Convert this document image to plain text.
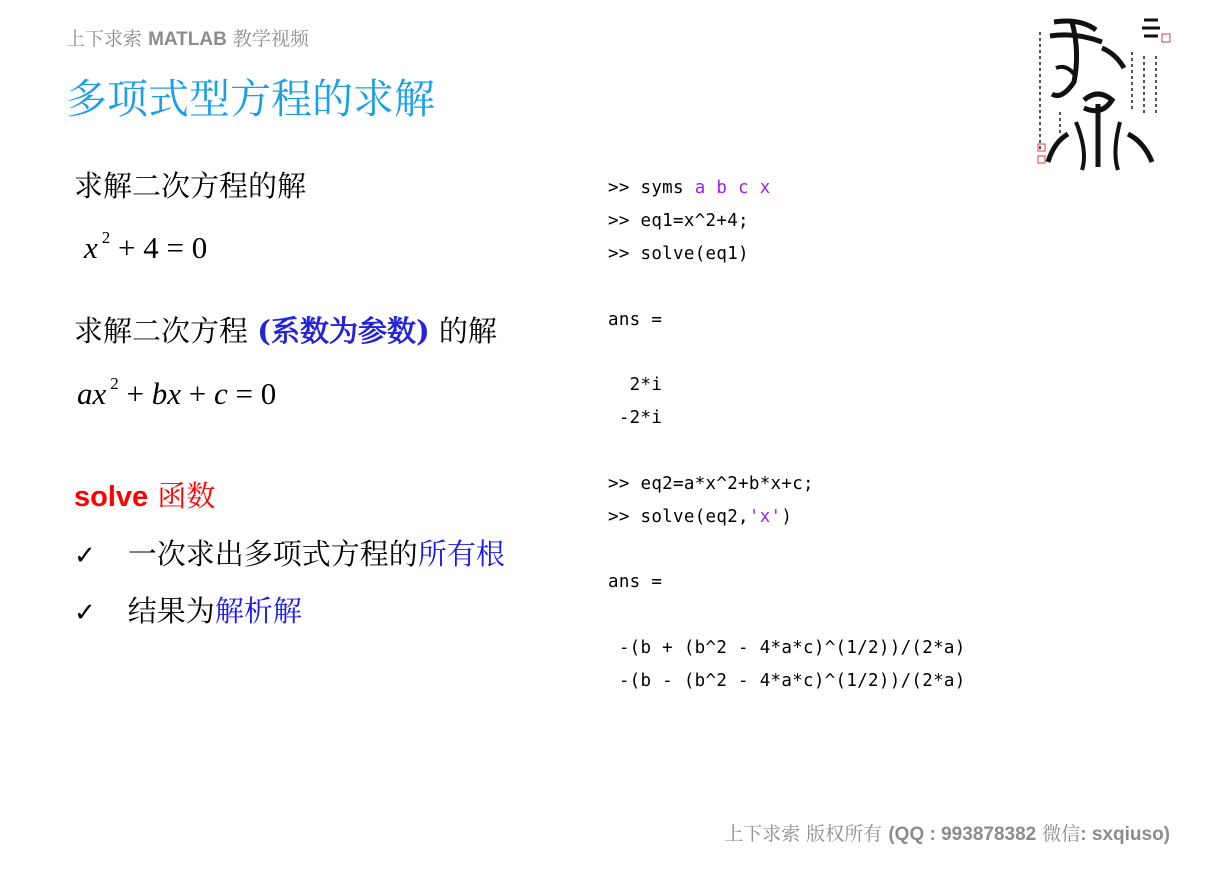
上下求索 MATLAB 教学视频
多项式型方程的求解
求解二次方程的解
x $^2$ + 4 = 0
求解二次方程 (系数为参数) 的解
ax $^2$ + bx + c = 0
solve 函数
✓ 一次求出多项式方程的所有根
✓ 结果为解析解

>> syms a b c x

>> eq1=x^2+4;

>> solve(eq1)

ans =

2*i

-2*i

>> eq2=a*x^2+b*x+c;

>> solve(eq2,'x')

ans =

-(b + (b^2 - 4*a*c)^(1/2))/(2*a)

-(b - (b^2 - 4*a*c)^(1/2))/(2*a)

上下求索 版权所有 (QQ : 993878382 微信: sxqiuso)
